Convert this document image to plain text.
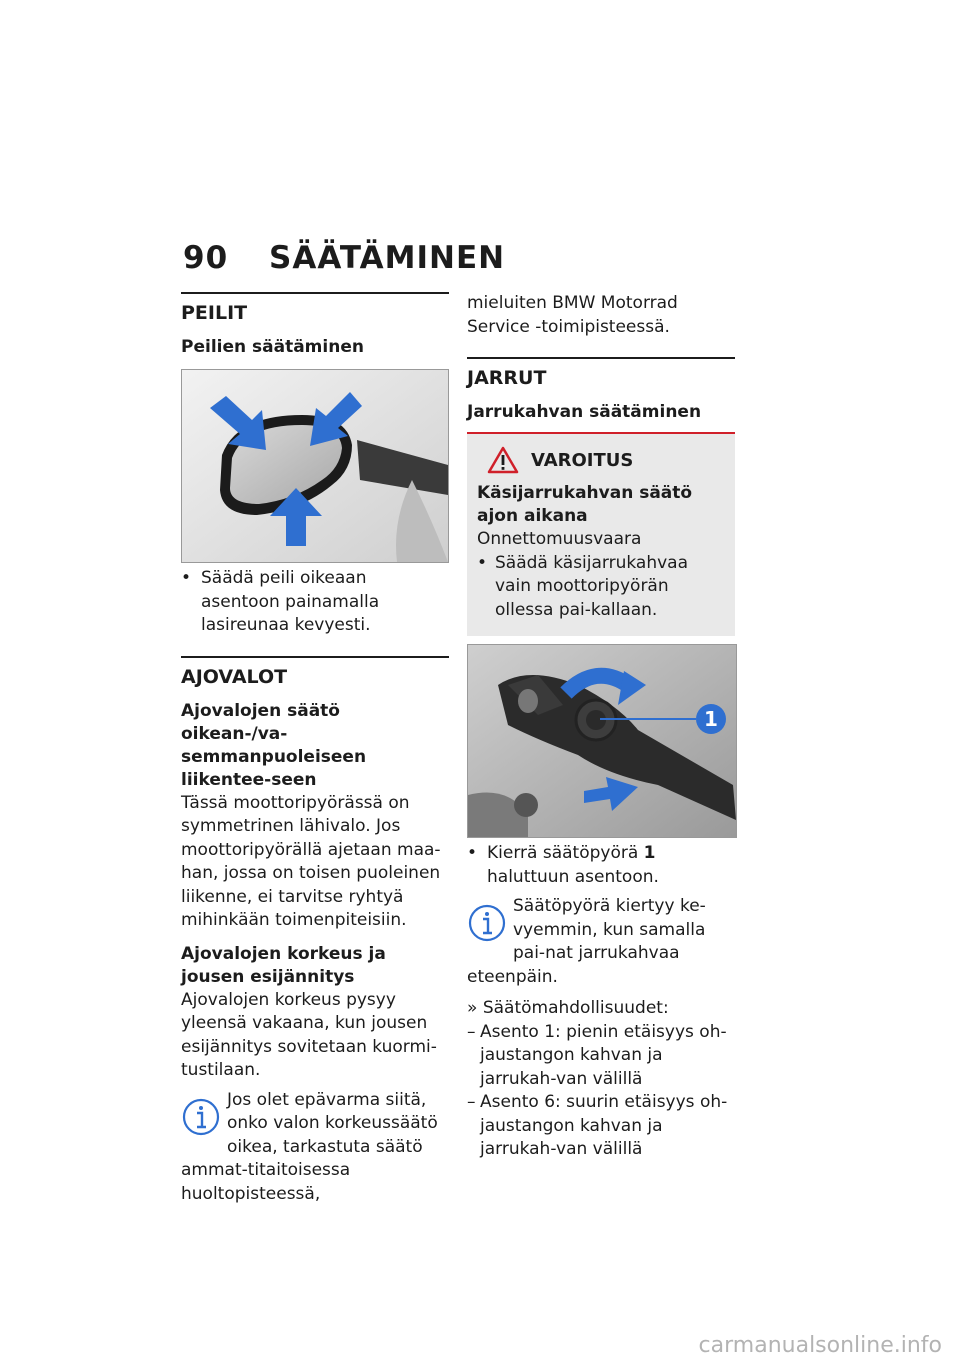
90 SÄÄTÄMINEN
PEILIT
Peilien säätäminen
• Säädä peili oikeaan asentoon painamalla lasireunaa kevyesti.
AJOVALOT
Ajovalojen säätö oikean-/va-semmanpuoleiseen liikentee-seen
Tässä moottoripyörässä on symmetrinen lähivalo. Jos moottoripyörällä ajetaan maa-han, jossa on toisen puoleinen liikenne, ei tarvitse ryhtyä mihinkään toimenpiteisiin.
Ajovalojen korkeus ja jousen esijännitys
Ajovalojen korkeus pysyy yleensä vakaana, kun jousen esijännitys sovitetaan kuormi-tustilaan.
Jos olet epävarma siitä, onko valon korkeussäätö oikea, tarkastuta säätö ammat-titaitoisessa huoltopisteessä,
mieluiten BMW Motorrad Service -toimipisteessä.
JARRUT
Jarrukahvan säätäminen
VAROITUS
Käsijarrukahvan säätö ajon aikana
Onnettomuusvaara
• Säädä käsijarrukahvaa vain moottoripyörän ollessa pai-kallaan.
1
• Kierrä säätöpyörä 1 haluttuun asentoon.
Säätöpyörä kiertyy ke-vyemmin, kun samalla pai-nat jarrukahvaa eteenpäin.
» Säätömahdollisuudet:
– Asento 1: pienin etäisyys oh-jaustangon kahvan ja jarrukah-van välillä
– Asento 6: suurin etäisyys oh-jaustangon kahvan ja jarrukah-van välillä
carmanualsonline.info
